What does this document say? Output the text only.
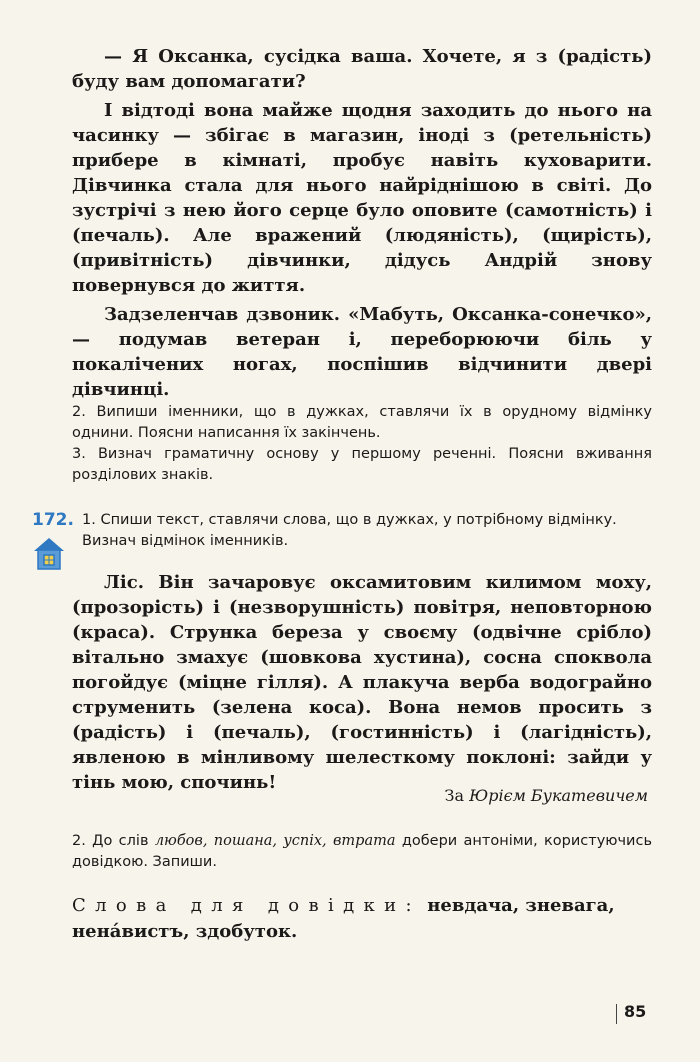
— Я Оксанка, сусідка ваша. Хочете, я з (радість) буду вам допомагати?

І відтоді вона майже щодня заходить до нього на часинку — збігає в магазин, іноді з (ретельність) прибере в кімнаті, пробує навіть куховарити. Дівчинка стала для нього найріднішою в світі. До зустрічі з нею його серце було оповите (самотність) і (печаль). Але вражений (людяність), (щирість), (привітність) дівчинки, дідусь Андрій знову повернувся до життя.

Задзеленчав дзвоник. «Мабуть, Оксанка-сонечко»,— подумав ветеран і, переборюючи біль у покалічених ногах, поспішив відчинити двері дівчинці.

2. Випиши іменники, що в дужках, ставлячи їх в орудному відмінку однини. Поясни написання їх закінчень.

3. Визнач граматичну основу у першому реченні. Поясни вживання розділових знаків.

172. 1. Спиши текст, ставлячи слова, що в дужках, у потрібному відмінку. Визнач відмінок іменників.

Ліс. Він зачаровує оксамитовим килимом моху, (прозорість) і (незворушність) повітря, неповторною (краса). Струнка береза у своєму (одвічне срібло) вітально змахує (шовкова хустина), сосна споквола погойдує (міцне гілля). А плакуча верба водограйно струменить (зелена коса). Вона немов просить з (радість) і (печаль), (гостинність) і (лагідність), явленою в мінливому шелесткому поклоні: зайди у тінь мою, спочинь!

За Юрієм Букатевичем

2. До слів любов, пошана, успіх, втрата добери антоніми, користуючись довідкою. Запиши.

Слова для довідки: невдача, зневага, нена́вистъ, здобуток.
85
